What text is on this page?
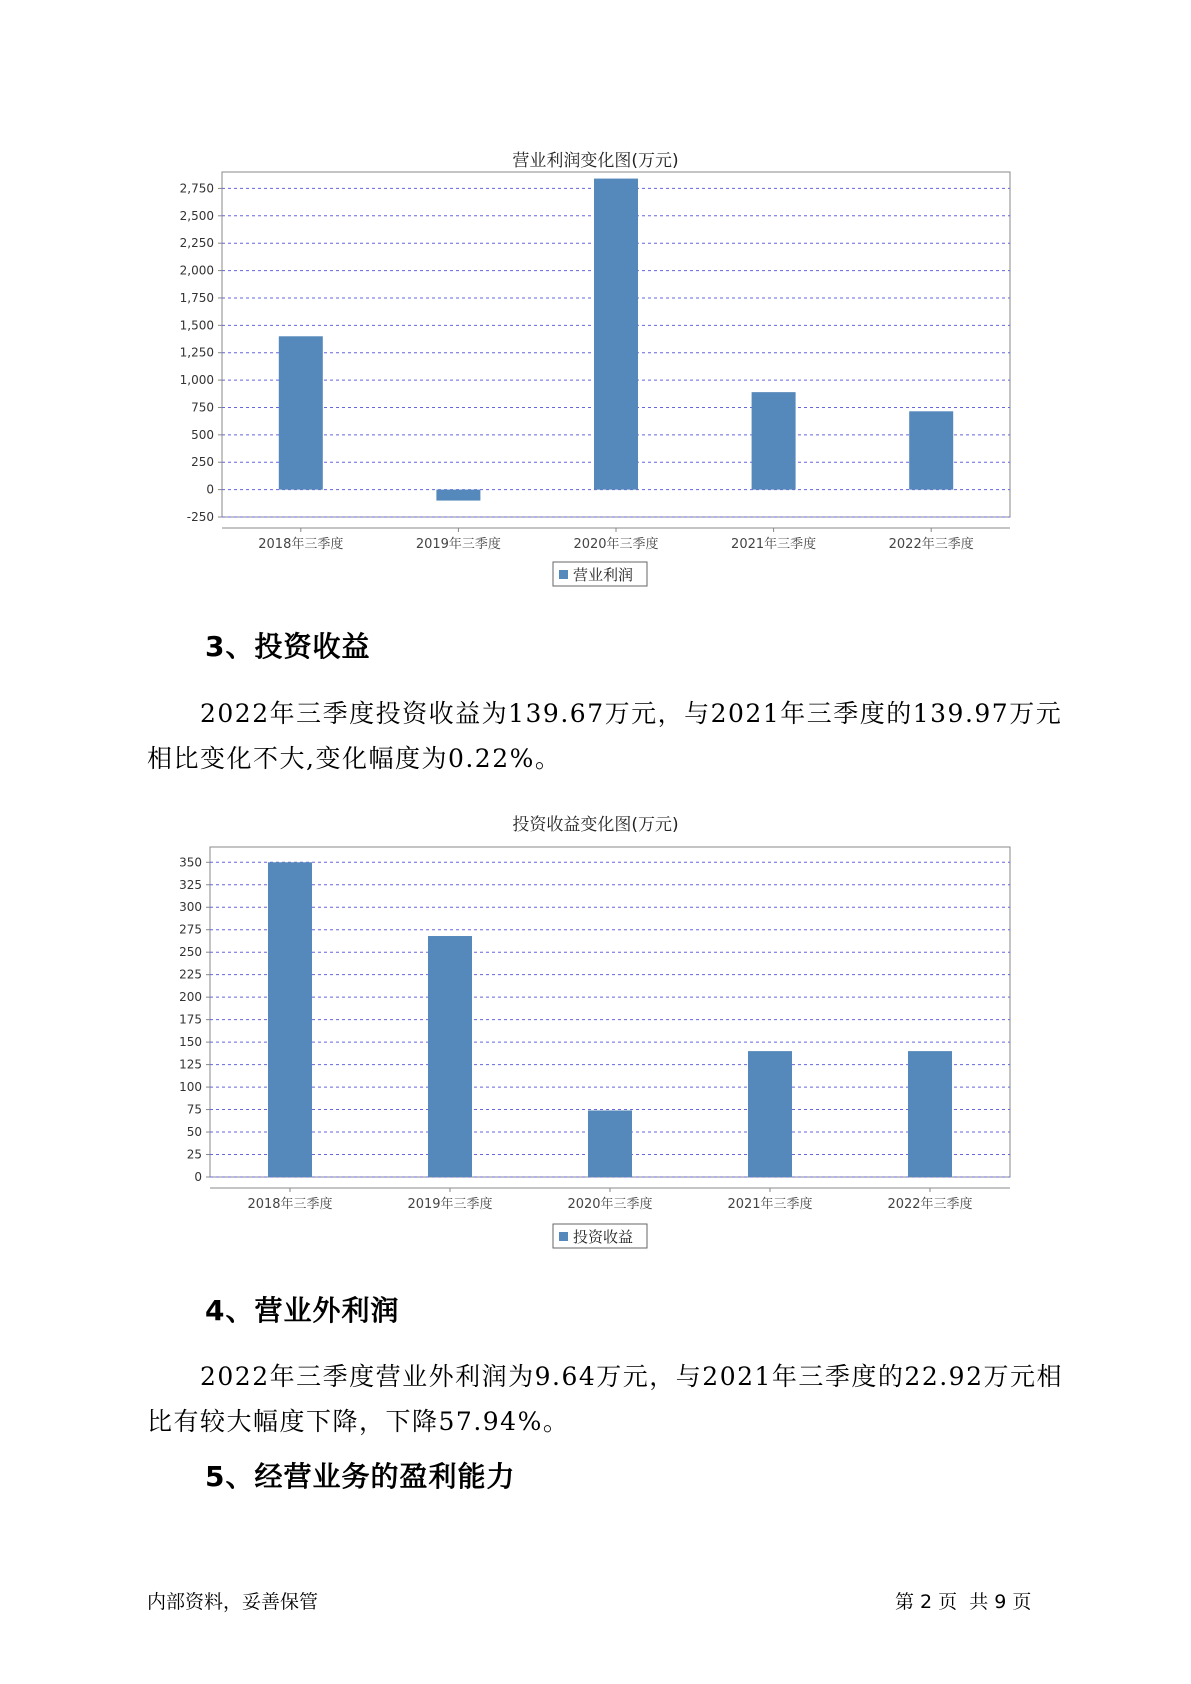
营业利润变化图(万元)
-250
0
250
500
750
1,000
1,250
1,500
1,750
2,000
2,250
2,500
2,750
2018年三季度	2019年三季度	2020年三季度	2021年三季度	2022年三季度
营业利润
3、投资收益
2022年三季度投资收益为139.67万元，与2021年三季度的139.97万元
相比变化不大,变化幅度为0.22%。
投资收益变化图(万元)
0
25
50
75
100
125
150
175
200
225
250
275
300
325
350
2018年三季度	2019年三季度	2020年三季度	2021年三季度	2022年三季度
投资收益
4、营业外利润
2022年三季度营业外利润为9.64万元，与2021年三季度的22.92万元相
比有较大幅度下降，下降57.94%。
5、经营业务的盈利能力
内部资料，妥善保管	第 2 页  共 9 页
